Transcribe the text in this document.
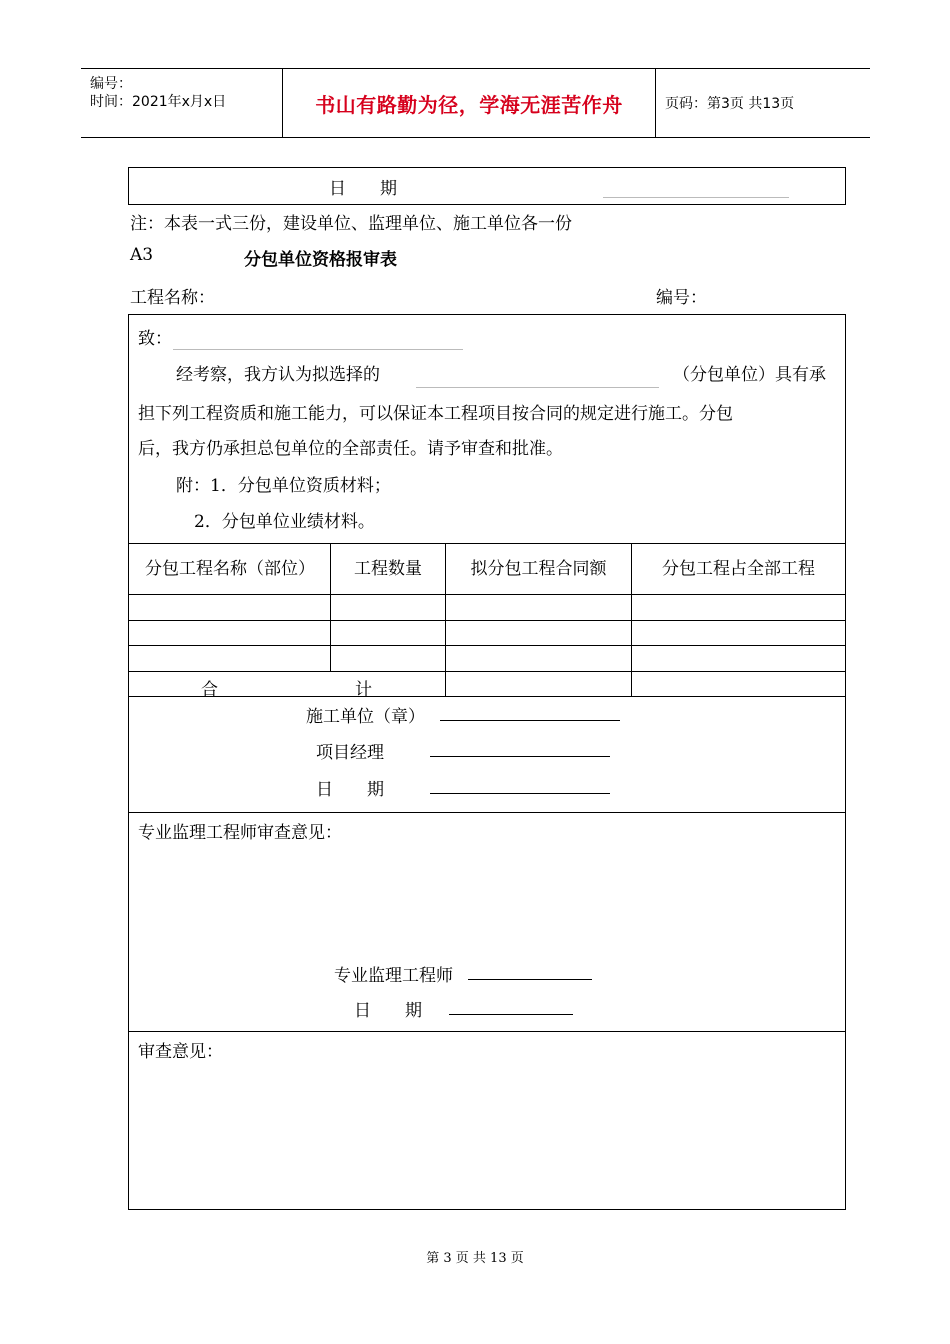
编号：
时间：2021年x月x日	书山有路勤为径，学海无涯苦作舟	页码：第3页 共13页
日　　期
注：本表一式三份，建设单位、监理单位、施工单位各一份
A3	分包单位资格报审表
工程名称：	编号：
致：
经考察，我方认为拟选择的	（分包单位）具有承
担下列工程资质和施工能力，可以保证本工程项目按合同的规定进行施工。分包
后，我方仍承担总包单位的全部责任。请予审查和批准。
附：1．分包单位资质材料；
2．分包单位业绩材料。
分包工程名称（部位）	工程数量	拟分包工程合同额	分包工程占全部工程
合	计
施工单位（章）
项目经理
日　　期
专业监理工程师审查意见：
专业监理工程师
日　　期
审查意见：
第 3 页 共 13 页
